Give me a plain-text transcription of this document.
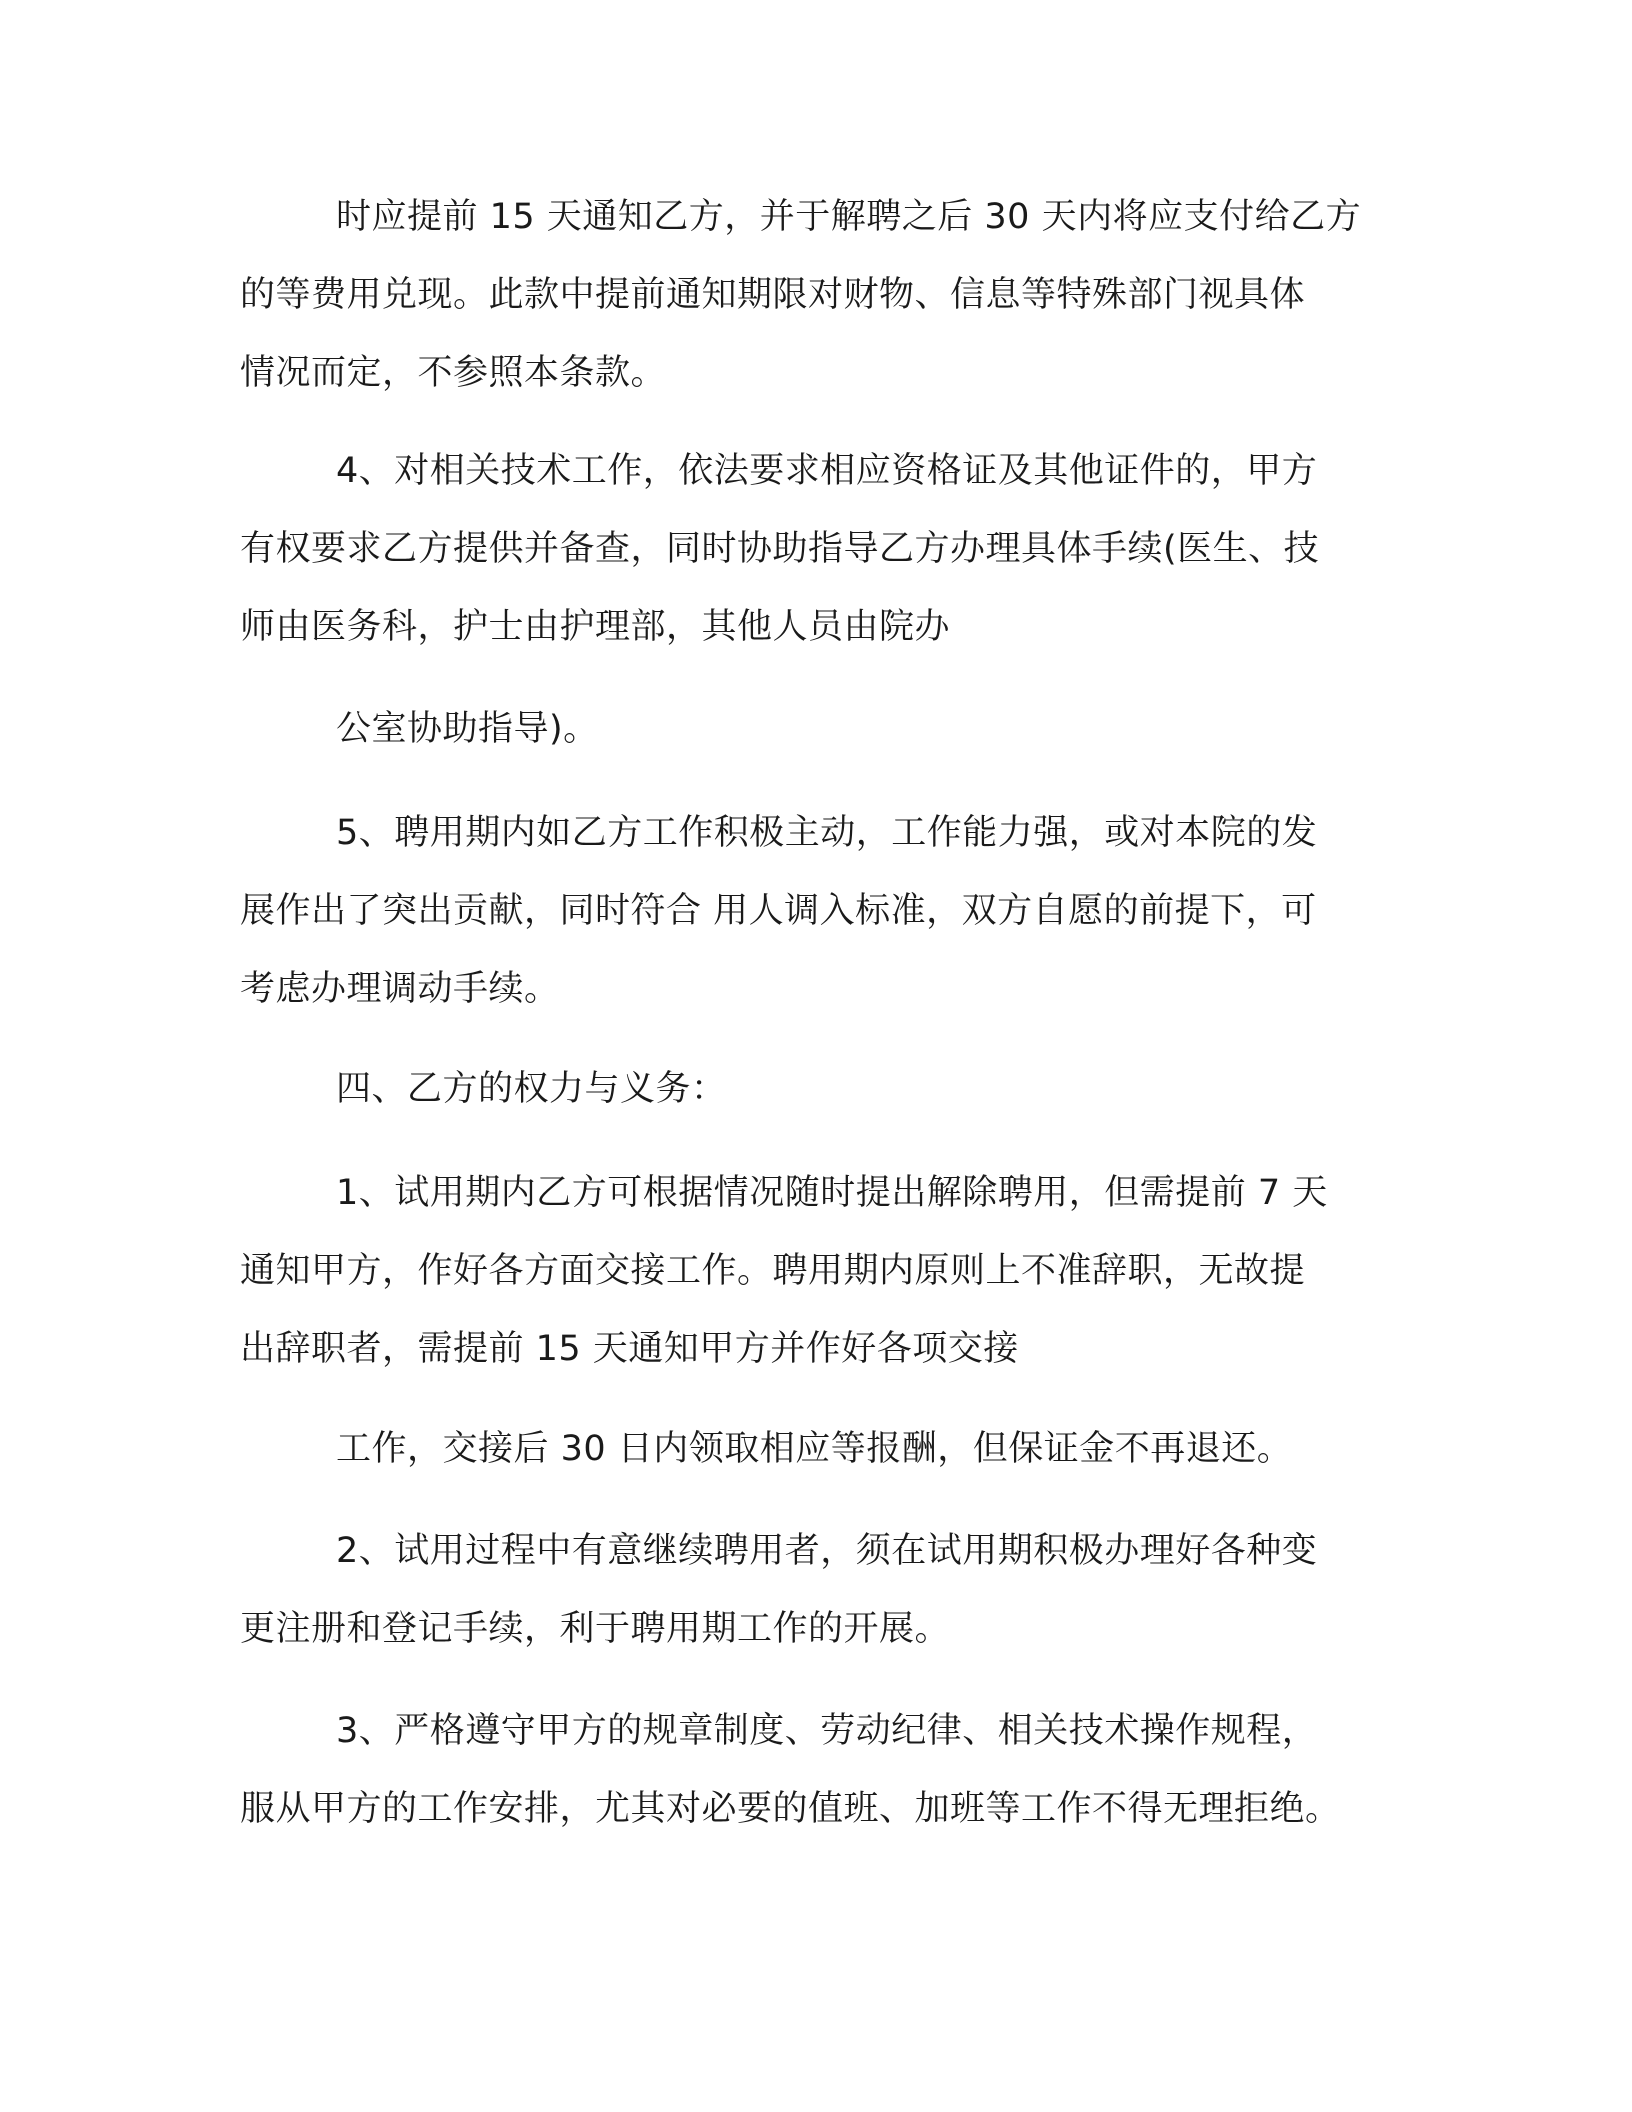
时应提前 15 天通知乙方，并于解聘之后 30 天内将应支付给乙方
的等费用兑现。此款中提前通知期限对财物、信息等特殊部门视具体
情况而定，不参照本条款。

4、对相关技术工作，依法要求相应资格证及其他证件的，甲方
有权要求乙方提供并备查，同时协助指导乙方办理具体手续(医生、技
师由医务科，护士由护理部，其他人员由院办

公室协助指导)。

5、聘用期内如乙方工作积极主动，工作能力强，或对本院的发
展作出了突出贡献，同时符合 用人调入标准，双方自愿的前提下，可
考虑办理调动手续。

四、乙方的权力与义务：

1、试用期内乙方可根据情况随时提出解除聘用，但需提前 7 天
通知甲方，作好各方面交接工作。聘用期内原则上不准辞职，无故提
出辞职者，需提前 15 天通知甲方并作好各项交接

工作，交接后 30 日内领取相应等报酬，但保证金不再退还。

2、试用过程中有意继续聘用者，须在试用期积极办理好各种变
更注册和登记手续，利于聘用期工作的开展。

3、严格遵守甲方的规章制度、劳动纪律、相关技术操作规程，
服从甲方的工作安排，尤其对必要的值班、加班等工作不得无理拒绝。
